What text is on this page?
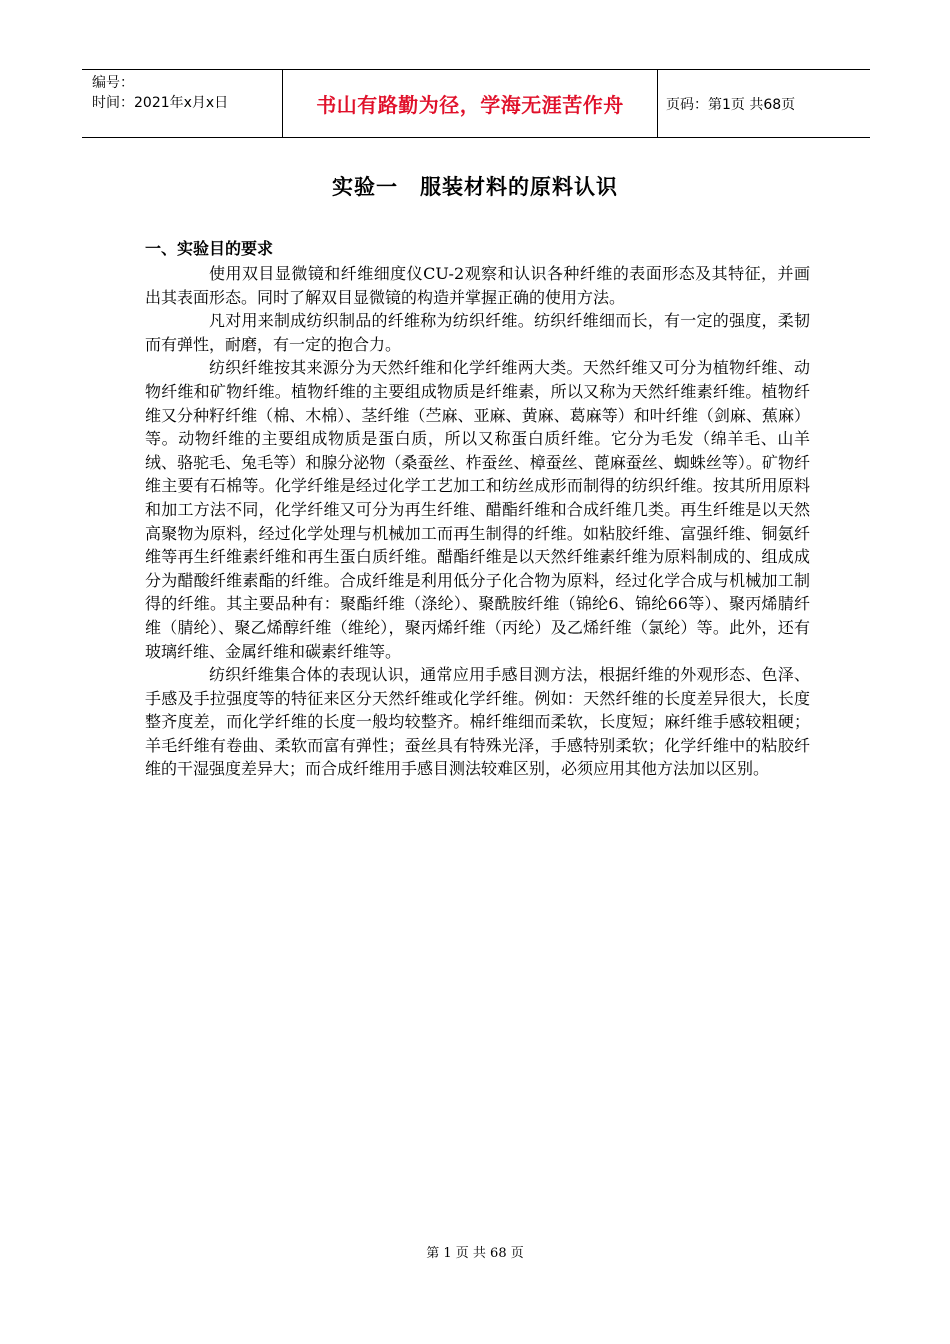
编号：
时间：2021年x月x日	书山有路勤为径，学海无涯苦作舟	页码：第1页 共68页
实验一　服装材料的原料认识
一、实验目的要求

使用双目显微镜和纤维细度仪CU-2观察和认识各种纤维的表面形态及其特征，并画出其表面形态。同时了解双目显微镜的构造并掌握正确的使用方法。

凡对用来制成纺织制品的纤维称为纺织纤维。纺织纤维细而长，有一定的强度，柔韧而有弹性，耐磨，有一定的抱合力。

纺织纤维按其来源分为天然纤维和化学纤维两大类。天然纤维又可分为植物纤维、动物纤维和矿物纤维。植物纤维的主要组成物质是纤维素，所以又称为天然纤维素纤维。植物纤维又分种籽纤维（棉、木棉）、茎纤维（苎麻、亚麻、黄麻、葛麻等）和叶纤维（剑麻、蕉麻）等。动物纤维的主要组成物质是蛋白质，所以又称蛋白质纤维。它分为毛发（绵羊毛、山羊绒、骆驼毛、兔毛等）和腺分泌物（桑蚕丝、柞蚕丝、樟蚕丝、蓖麻蚕丝、蜘蛛丝等）。矿物纤维主要有石棉等。化学纤维是经过化学工艺加工和纺丝成形而制得的纺织纤维。按其所用原料和加工方法不同，化学纤维又可分为再生纤维、醋酯纤维和合成纤维几类。再生纤维是以天然高聚物为原料，经过化学处理与机械加工而再生制得的纤维。如粘胶纤维、富强纤维、铜氨纤维等再生纤维素纤维和再生蛋白质纤维。醋酯纤维是以天然纤维素纤维为原料制成的、组成成分为醋酸纤维素酯的纤维。合成纤维是利用低分子化合物为原料，经过化学合成与机械加工制得的纤维。其主要品种有：聚酯纤维（涤纶）、聚酰胺纤维（锦纶6、锦纶66等）、聚丙烯腈纤维（腈纶）、聚乙烯醇纤维（维纶），聚丙烯纤维（丙纶）及乙烯纤维（氯纶）等。此外，还有玻璃纤维、金属纤维和碳素纤维等。

纺织纤维集合体的表现认识，通常应用手感目测方法，根据纤维的外观形态、色泽、手感及手拉强度等的特征来区分天然纤维或化学纤维。例如：天然纤维的长度差异很大，长度整齐度差，而化学纤维的长度一般均较整齐。棉纤维细而柔软，长度短；麻纤维手感较粗硬；羊毛纤维有卷曲、柔软而富有弹性；蚕丝具有特殊光泽，手感特别柔软；化学纤维中的粘胶纤维的干湿强度差异大；而合成纤维用手感目测法较难区别，必须应用其他方法加以区别。

第 1 页 共 68 页
